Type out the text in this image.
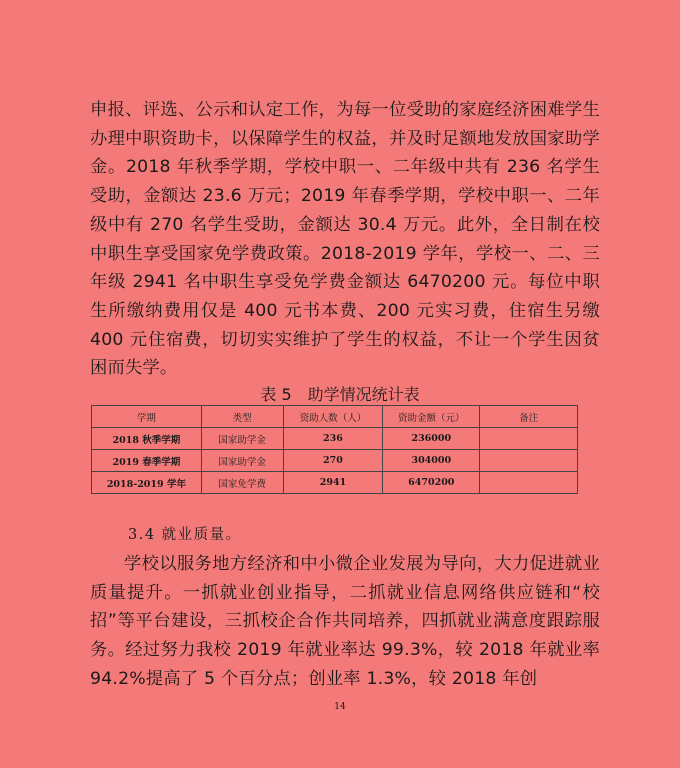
申报、评选、公示和认定工作，为每一位受助的家庭经济困难学生办理中职资助卡，以保障学生的权益，并及时足额地发放国家助学金。2018 年秋季学期，学校中职一、二年级中共有 236 名学生受助，金额达 23.6 万元；2019 年春季学期，学校中职一、二年级中有 270 名学生受助，金额达 30.4 万元。此外，全日制在校中职生享受国家免学费政策。2018-2019 学年，学校一、二、三年级 2941 名中职生享受免学费金额达 6470200 元。每位中职生所缴纳费用仅是 400 元书本费、200 元实习费，住宿生另缴 400 元住宿费，切切实实维护了学生的权益，不让一个学生因贫困而失学。

表 5　助学情况统计表
学期	类型	资助人数（人）	资助金额（元）	备注
2018 秋季学期	国家助学金	236	236000	
2019 春季学期	国家助学金	270	304000	
2018-2019 学年	国家免学费	2941	6470200	
3.4 就业质量。

学校以服务地方经济和中小微企业发展为导向，大力促进就业质量提升。一抓就业创业指导，二抓就业信息网络供应链和“校招”等平台建设，三抓校企合作共同培养，四抓就业满意度跟踪服务。经过努力我校 2019 年就业率达 99.3%，较 2018 年就业率 94.2%提高了 5 个百分点；创业率 1.3%，较 2018 年创

14
